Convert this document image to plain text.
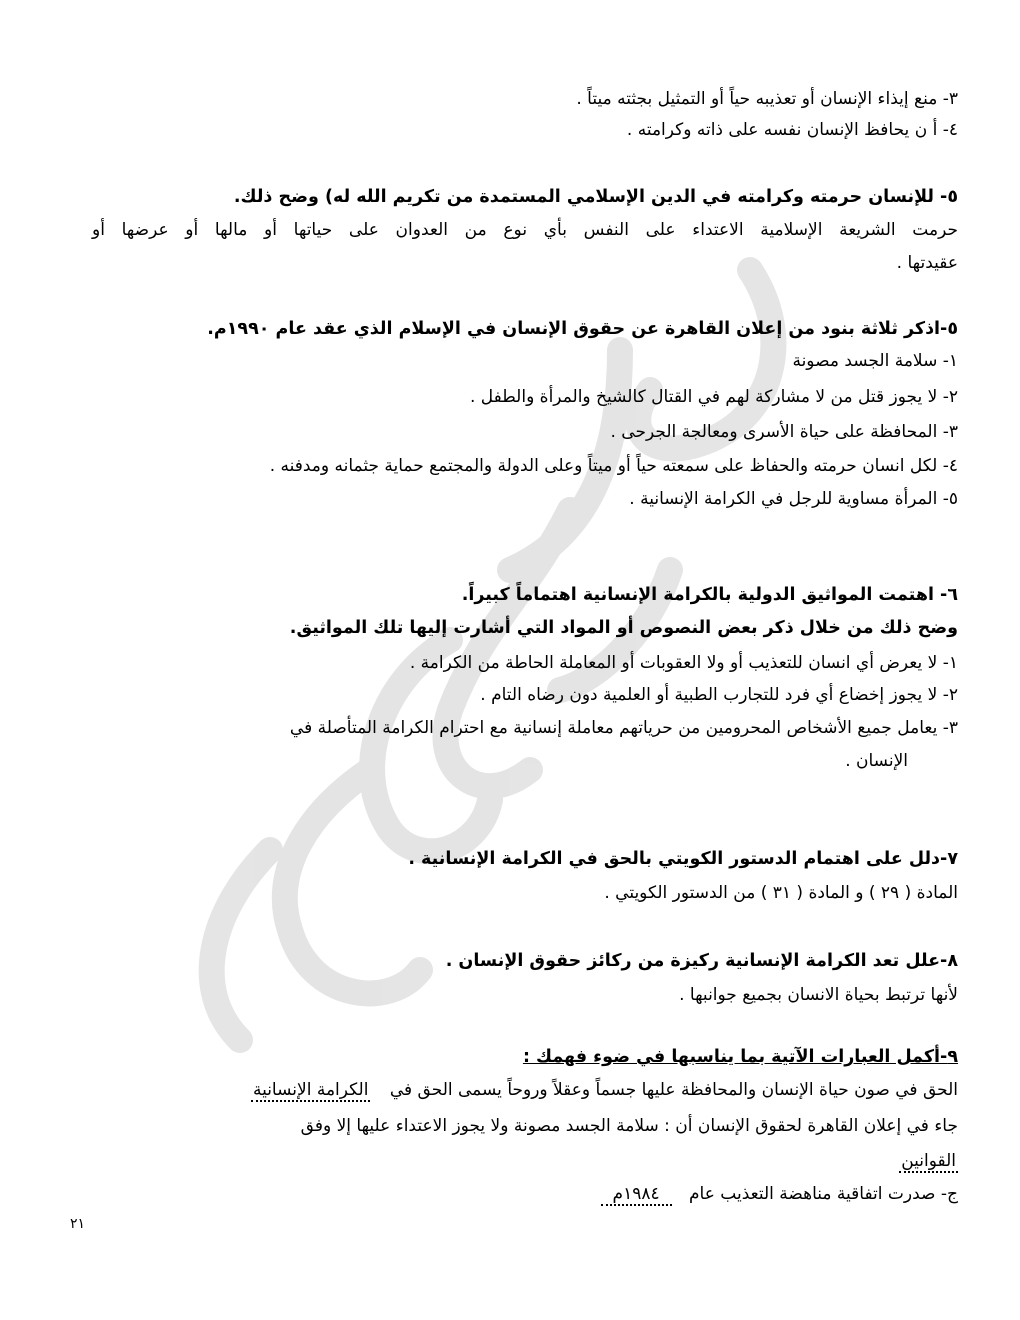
٣- منع إيذاء الإنسان أو تعذيبه حياً أو التمثيل بجثته ميتاً .
٤- أ ن يحافظ الإنسان نفسه على ذاته وكرامته .
٥- للإنسان حرمته وكرامته في الدين الإسلامي المستمدة من تكريم الله له) وضح ذلك.
حرمت الشريعة الإسلامية الاعتداء على النفس بأي نوع من العدوان على حياتها أو مالها أو عرضها أو
عقيدتها .
٥-اذكر ثلاثة بنود من إعلان القاهرة عن حقوق الإنسان في الإسلام الذي عقد عام ١٩٩٠م.
١- سلامة الجسد مصونة
٢- لا يجوز قتل من لا مشاركة لهم في القتال كالشيخ والمرأة والطفل .
٣- المحافظة على حياة الأسرى ومعالجة الجرحى .
٤- لكل انسان حرمته والحفاظ على سمعته حياً أو ميتاً وعلى الدولة والمجتمع حماية جثمانه ومدفنه .
٥- المرأة مساوية للرجل في الكرامة الإنسانية .
٦- اهتمت المواثيق الدولية بالكرامة الإنسانية اهتماماً كبيراً.
وضح ذلك من خلال ذكر بعض النصوص أو المواد التي أشارت إليها تلك المواثيق.
١- لا يعرض أي انسان للتعذيب أو ولا العقوبات أو المعاملة الحاطة من الكرامة .
٢- لا يجوز إخضاع أي فرد للتجارب الطبية أو العلمية دون رضاه التام .
٣- يعامل جميع الأشخاص المحرومين من حرياتهم معاملة إنسانية مع احترام الكرامة المتأصلة في
الإنسان .
٧-دلل على اهتمام الدستور الكويتي بالحق في الكرامة الإنسانية .
المادة ( ٢٩ ) و المادة ( ٣١ ) من الدستور الكويتي .
٨-علل تعد الكرامة الإنسانية ركيزة من ركائز حقوق الإنسان .
لأنها ترتبط بحياة الانسان بجميع جوانبها .
٩-أكمل العبارات الآتية بما يناسبها في ضوء فهمك :
الحق في صون حياة الإنسان والمحافظة عليها جسماً وعقلاً وروحاً يسمى الحق في الكرامة الإنسانية
جاء في إعلان القاهرة لحقوق الإنسان أن : سلامة الجسد مصونة ولا يجوز الاعتداء عليها إلا وفق
القوانين
ج- صدرت اتفاقية مناهضة التعذيب عام ١٩٨٤م
٢١
